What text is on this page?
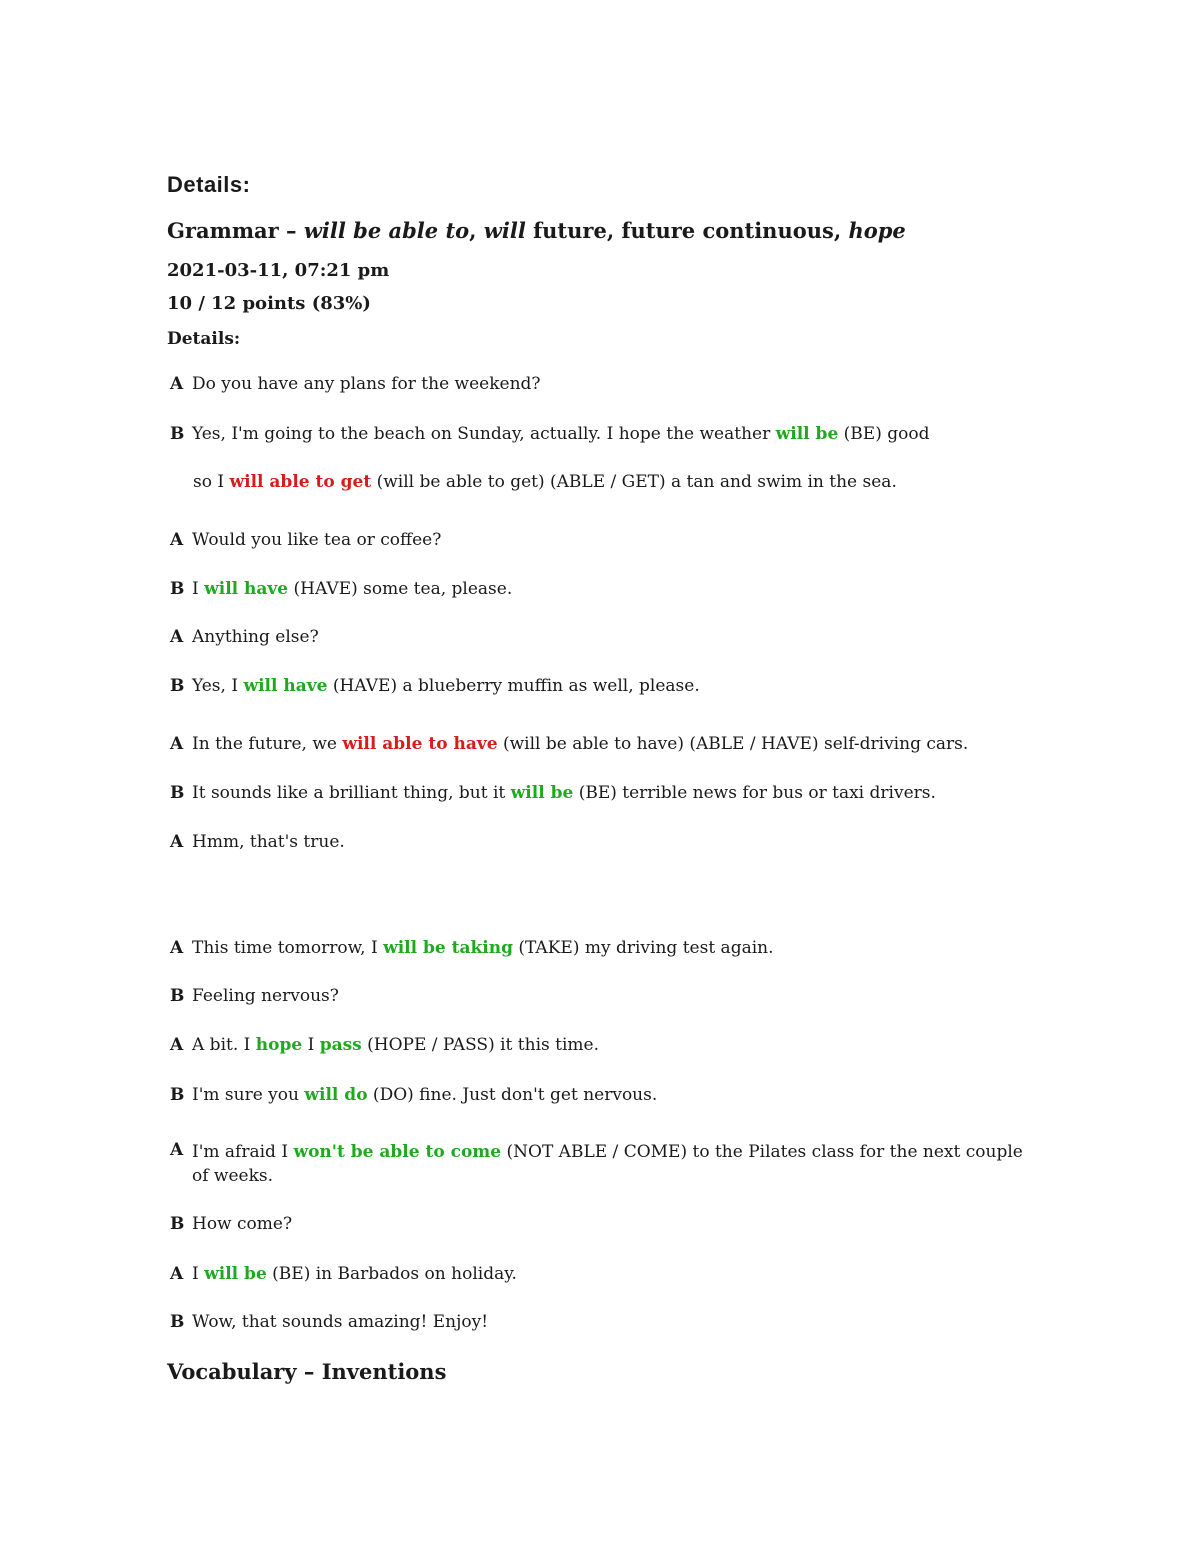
Details:
Grammar – will be able to, will future, future continuous, hope
2021-03-11, 07:21 pm
10 / 12 points (83%)
Details:
A Do you have any plans for the weekend?
B Yes, I'm going to the beach on Sunday, actually. I hope the weather will be (BE) good
so I will able to get (will be able to get) (ABLE / GET) a tan and swim in the sea.
A Would you like tea or coffee?
B I will have (HAVE) some tea, please.
A Anything else?
B Yes, I will have (HAVE) a blueberry muffin as well, please.
A In the future, we will able to have (will be able to have) (ABLE / HAVE) self-driving cars.
B It sounds like a brilliant thing, but it will be (BE) terrible news for bus or taxi drivers.
A Hmm, that's true.
A This time tomorrow, I will be taking (TAKE) my driving test again.
B Feeling nervous?
A A bit. I hope I pass (HOPE / PASS) it this time.
B I'm sure you will do (DO) fine. Just don't get nervous.
A I'm afraid I won't be able to come (NOT ABLE / COME) to the Pilates class for the next couple of weeks.
B How come?
A I will be (BE) in Barbados on holiday.
B Wow, that sounds amazing! Enjoy!
Vocabulary – Inventions
